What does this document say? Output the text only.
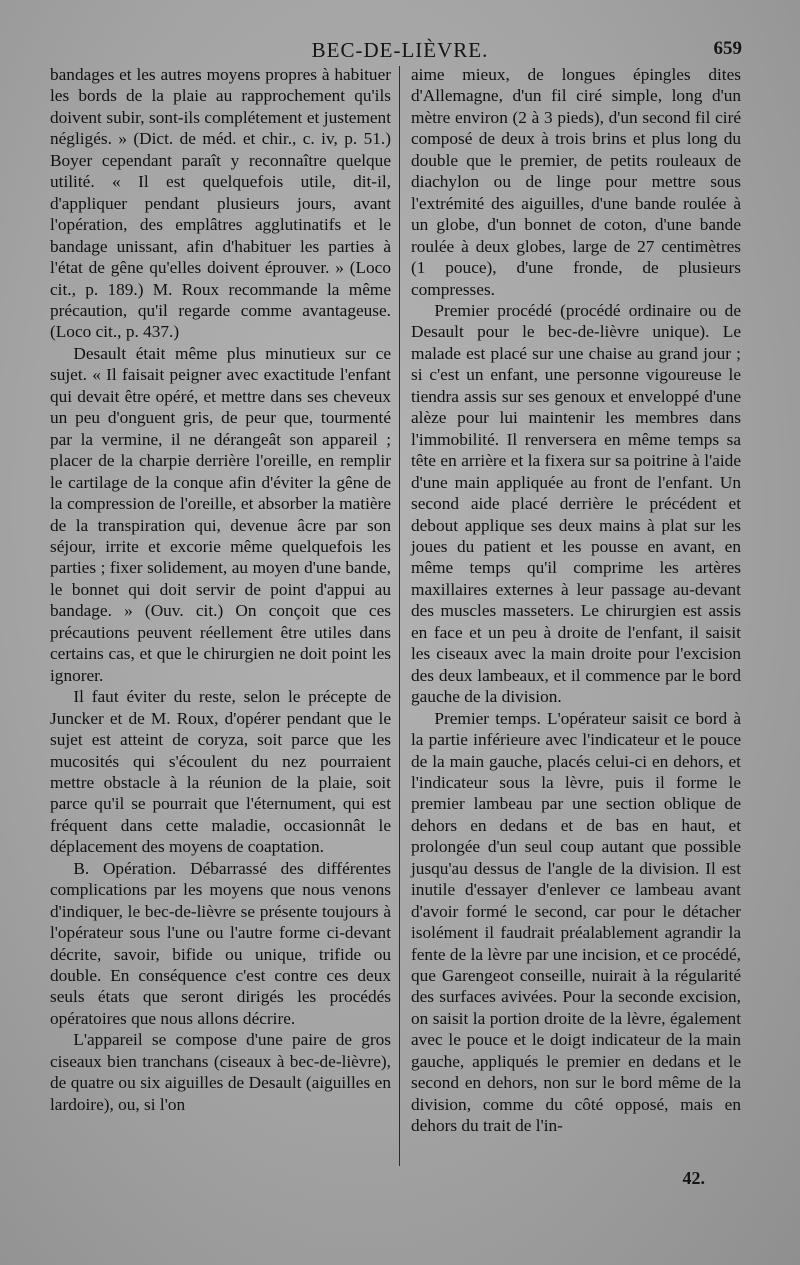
BEC-DE-LIÈVRE.	659

bandages et les autres moyens propres à habituer les bords de la plaie au rapprochement qu'ils doivent subir, sont-ils complétement et justement négligés. » (Dict. de méd. et chir., c. iv, p. 51.) Boyer cependant paraît y reconnaître quelque utilité. « Il est quelquefois utile, dit-il, d'appliquer pendant plusieurs jours, avant l'opération, des emplâtres agglutinatifs et le bandage unissant, afin d'habituer les parties à l'état de gêne qu'elles doivent éprouver. » (Loco cit., p. 189.) M. Roux recommande la même précaution, qu'il regarde comme avantageuse. (Loco cit., p. 437.)

Desault était même plus minutieux sur ce sujet. « Il faisait peigner avec exactitude l'enfant qui devait être opéré, et mettre dans ses cheveux un peu d'onguent gris, de peur que, tourmenté par la vermine, il ne dérangeât son appareil ; placer de la charpie derrière l'oreille, en remplir le cartilage de la conque afin d'éviter la gêne de la compression de l'oreille, et absorber la matière de la transpiration qui, devenue âcre par son séjour, irrite et excorie même quelquefois les parties ; fixer solidement, au moyen d'une bande, le bonnet qui doit servir de point d'appui au bandage. » (Ouv. cit.) On conçoit que ces précautions peuvent réellement être utiles dans certains cas, et que le chirurgien ne doit point les ignorer.

Il faut éviter du reste, selon le précepte de Juncker et de M. Roux, d'opérer pendant que le sujet est atteint de coryza, soit parce que les mucosités qui s'écoulent du nez pourraient mettre obstacle à la réunion de la plaie, soit parce qu'il se pourrait que l'éternument, qui est fréquent dans cette maladie, occasionnât le déplacement des moyens de coaptation.

B. Opération. Débarrassé des différentes complications par les moyens que nous venons d'indiquer, le bec-de-lièvre se présente toujours à l'opérateur sous l'une ou l'autre forme ci-devant décrite, savoir, bifide ou unique, trifide ou double. En conséquence c'est contre ces deux seuls états que seront dirigés les procédés opératoires que nous allons décrire.

L'appareil se compose d'une paire de gros ciseaux bien tranchans (ciseaux à bec-de-lièvre), de quatre ou six aiguilles de Desault (aiguilles en lardoire), ou, si l'on

aime mieux, de longues épingles dites d'Allemagne, d'un fil ciré simple, long d'un mètre environ (2 à 3 pieds), d'un second fil ciré composé de deux à trois brins et plus long du double que le premier, de petits rouleaux de diachylon ou de linge pour mettre sous l'extrémité des aiguilles, d'une bande roulée à un globe, d'un bonnet de coton, d'une bande roulée à deux globes, large de 27 centimètres (1 pouce), d'une fronde, de plusieurs compresses.

Premier procédé (procédé ordinaire ou de Desault pour le bec-de-lièvre unique). Le malade est placé sur une chaise au grand jour ; si c'est un enfant, une personne vigoureuse le tiendra assis sur ses genoux et enveloppé d'une alèze pour lui maintenir les membres dans l'immobilité. Il renversera en même temps sa tête en arrière et la fixera sur sa poitrine à l'aide d'une main appliquée au front de l'enfant. Un second aide placé derrière le précédent et debout applique ses deux mains à plat sur les joues du patient et les pousse en avant, en même temps qu'il comprime les artères maxillaires externes à leur passage au-devant des muscles masseters. Le chirurgien est assis en face et un peu à droite de l'enfant, il saisit les ciseaux avec la main droite pour l'excision des deux lambeaux, et il commence par le bord gauche de la division.

Premier temps. L'opérateur saisit ce bord à la partie inférieure avec l'indicateur et le pouce de la main gauche, placés celui-ci en dehors, et l'indicateur sous la lèvre, puis il forme le premier lambeau par une section oblique de dehors en dedans et de bas en haut, et prolongée d'un seul coup autant que possible jusqu'au dessus de l'angle de la division. Il est inutile d'essayer d'enlever ce lambeau avant d'avoir formé le second, car pour le détacher isolément il faudrait préalablement agrandir la fente de la lèvre par une incision, et ce procédé, que Garengeot conseille, nuirait à la régularité des surfaces avivées. Pour la seconde excision, on saisit la portion droite de la lèvre, également avec le pouce et le doigt indicateur de la main gauche, appliqués le premier en dedans et le second en dehors, non sur le bord même de la division, comme du côté opposé, mais en dehors du trait de l'in-

42.
